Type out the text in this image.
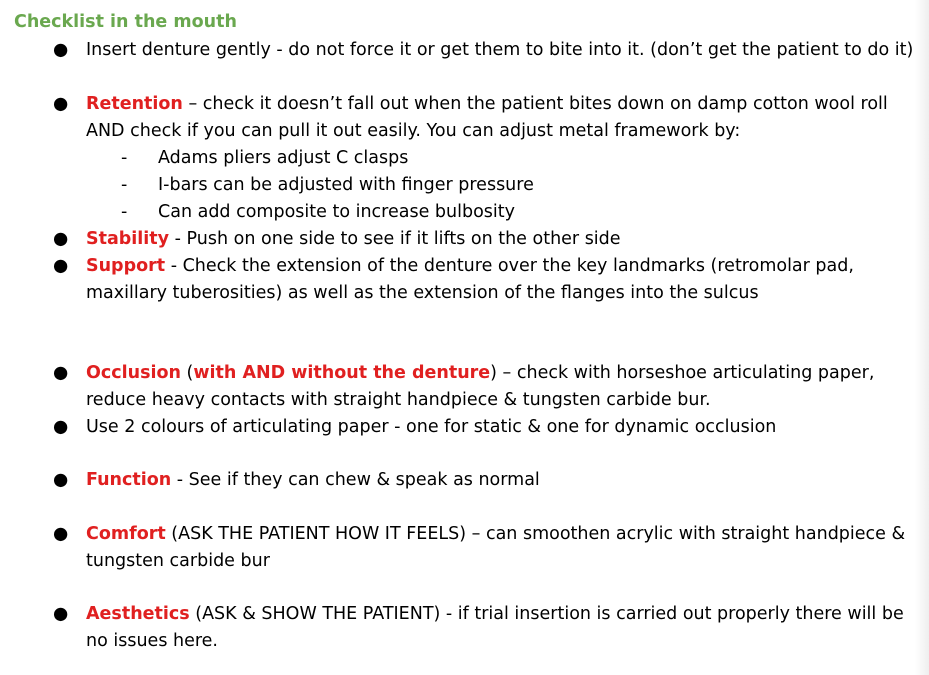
Checklist in the mouth
● Insert denture gently - do not force it or get them to bite into it. (don’t get the patient to do it)
● Retention – check it doesn’t fall out when the patient bites down on damp cotton wool roll AND check if you can pull it out easily. You can adjust metal framework by:
- Adams pliers adjust C clasps
- I-bars can be adjusted with finger pressure
- Can add composite to increase bulbosity
● Stability - Push on one side to see if it lifts on the other side
● Support - Check the extension of the denture over the key landmarks (retromolar pad, maxillary tuberosities) as well as the extension of the flanges into the sulcus
● Occlusion (with AND without the denture) – check with horseshoe articulating paper, reduce heavy contacts with straight handpiece & tungsten carbide bur.
● Use 2 colours of articulating paper - one for static & one for dynamic occlusion
● Function - See if they can chew & speak as normal
● Comfort (ASK THE PATIENT HOW IT FEELS) – can smoothen acrylic with straight handpiece & tungsten carbide bur
● Aesthetics (ASK & SHOW THE PATIENT) - if trial insertion is carried out properly there will be no issues here.
